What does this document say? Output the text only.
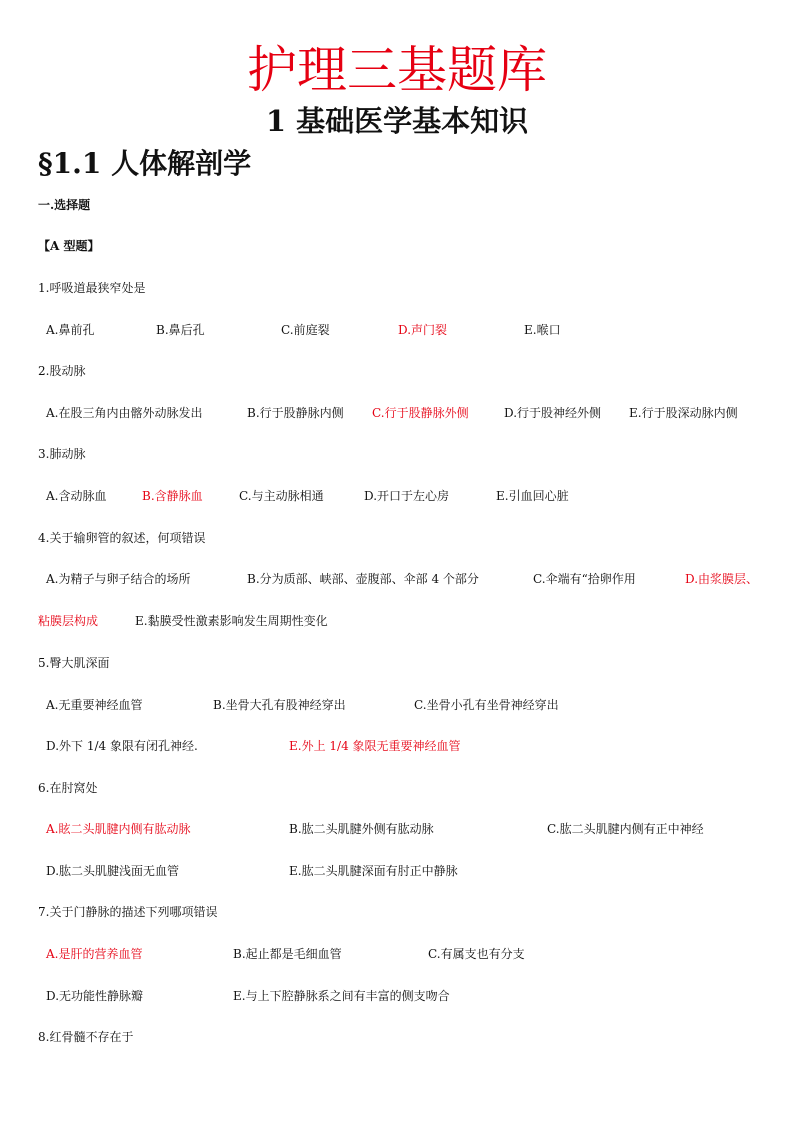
护理三基题库
1 基础医学基本知识
§1.1 人体解剖学
一.选择题
【A 型题】
1.呼吸道最狭窄处是
A.鼻前孔	B.鼻后孔	C.前庭裂	D.声门裂	E.喉口
2.股动脉
A.在股三角内由髂外动脉发出	B.行于股静脉内侧 C.行于股静脉外侧	D.行于股神经外侧 E.行于股深动脉内侧
3.肺动脉
A.含动脉血	B.含静脉血	C.与主动脉相通	D.开口于左心房	E.引血回心脏
4.关于输卵管的叙述，何项错误
A.为精子与卵子结合的场所	B.分为质部、峡部、壶腹部、伞部 4 个部分	C.伞端有“拾卵作用	D.由浆膜层、
粘膜层构成	E.黏膜受性激素影响发生周期性变化
5.臀大肌深面
A.无重要神经血管	B.坐骨大孔有股神经穿出	C.坐骨小孔有坐骨神经穿出
D.外下 1/4 象限有闭孔神经.	E.外上 1/4 象限无重要神经血管
6.在肘窝处
A.眩二头肌腱内侧有肱动脉	B.肱二头肌腱外侧有肱动脉	C.肱二头肌腱内侧有正中神经
D.肱二头肌腱浅面无血管	E.肱二头肌腱深面有肘正中静脉
7.关于门静脉的描述下列哪项错误
A.是肝的营养血管	B.起止都是毛细血管	C.有属支也有分支
D.无功能性静脉瓣	E.与上下腔静脉系之间有丰富的侧支吻合
8.红骨髓不存在于
